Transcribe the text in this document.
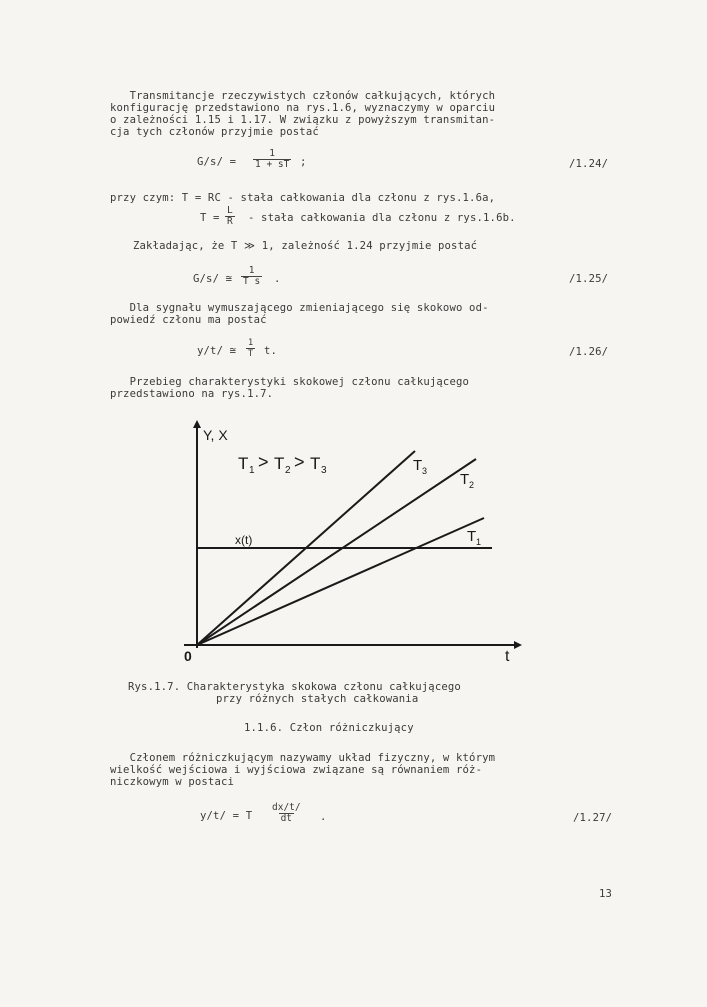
Transmitancje rzeczywistych członów całkujących, których
konfigurację przedstawiono na rys.1.6, wyznaczymy w oparciu
o zależności 1.15 i 1.17. W związku z powyższym transmitan-
cja tych członów przyjmie postać
$G/s/ = \frac{1}{1 + sT}$ ;	/1.24/
przy czym: T = RC - stała całkowania dla członu z rys.1.6a,
$T = \frac{L}{R}$ - stała całkowania dla członu z rys.1.6b.
Zakładając, że T ≫ 1, zależność 1.24 przyjmie postać
G/s/ ≅ $\frac{1}{\text{T s}}$ .	/1.25/
Dla sygnału wymuszającego zmieniającego się skokowo od-
powiedź członu ma postać
y/t/ ≅ $\frac{1}{T} t$.	/1.26/
Przebieg charakterystyki skokowej członu całkującego
przedstawiono na rys.1.7.
Y, X
0	t
x(t)
T 1 > T 2 > T 3	T 3 T 2
T 1
Rys.1.7. Charakterystyka skokowa członu całkującego
przy różnych stałych całkowania
1.1.6. Człon różniczkujący
Członem różniczkującym nazywamy układ fizyczny, w którym
wielkość wejściowa i wyjściowa związane są równaniem róż-
niczkowym w postaci
y/t/ = T $\frac{dx/t/}{dt}$ .	/1.27/
13
